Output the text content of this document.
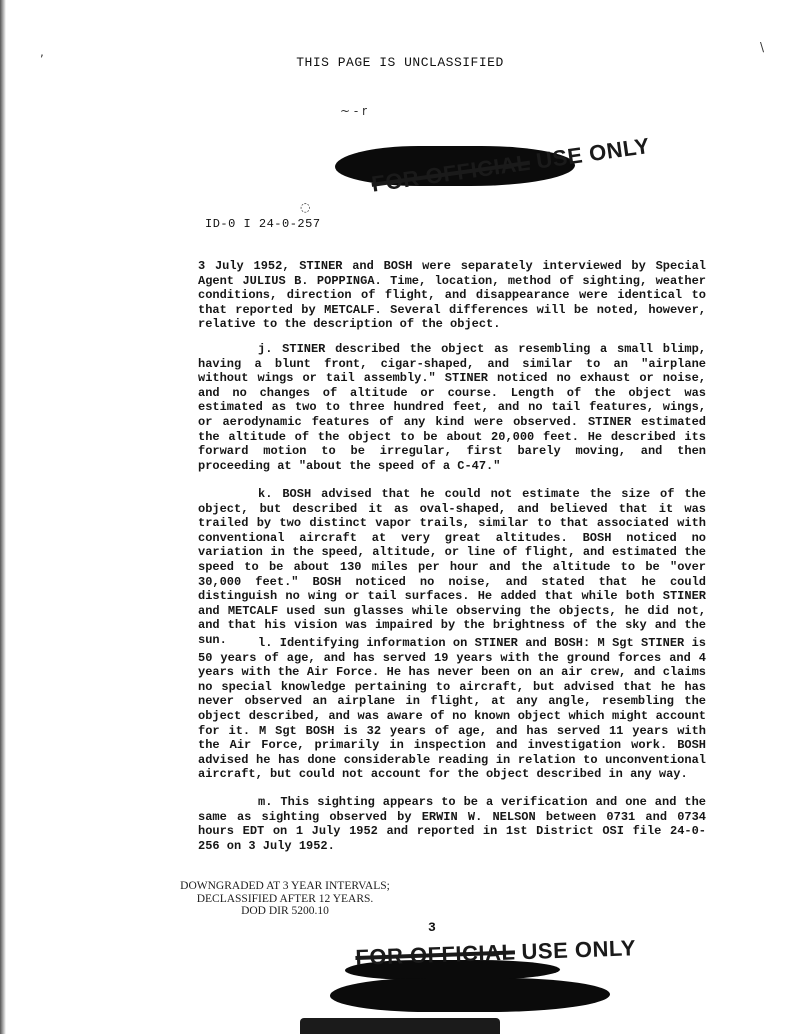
THIS PAGE IS UNCLASSIFIED
,	\
~ - r
◌
FOR OFFICIAL USE ONLY
ID-0 I 24-0-257
3 July 1952, STINER and BOSH were separately interviewed by Special Agent JULIUS B. POPPINGA. Time, location, method of sighting, weather conditions, direction of flight, and disappearance were identical to that reported by METCALF. Several differences will be noted, however, relative to the description of the object.
j. STINER described the object as resembling a small blimp, having a blunt front, cigar-shaped, and similar to an "airplane without wings or tail assembly." STINER noticed no exhaust or noise, and no changes of altitude or course. Length of the object was estimated as two to three hundred feet, and no tail features, wings, or aerodynamic features of any kind were observed. STINER estimated the altitude of the object to be about 20,000 feet. He described its forward motion to be irregular, first barely moving, and then proceeding at "about the speed of a C-47."
k. BOSH advised that he could not estimate the size of the object, but described it as oval-shaped, and believed that it was trailed by two distinct vapor trails, similar to that associated with conventional aircraft at very great altitudes. BOSH noticed no variation in the speed, altitude, or line of flight, and estimated the speed to be about 130 miles per hour and the altitude to be "over 30,000 feet." BOSH noticed no noise, and stated that he could distinguish no wing or tail surfaces. He added that while both STINER and METCALF used sun glasses while observing the objects, he did not, and that his vision was impaired by the brightness of the sky and the sun.	l. Identifying information on STINER and BOSH: M Sgt STINER is 50 years of age, and has served 19 years with the ground forces and 4 years with the Air Force. He has never been on an air crew, and claims no special knowledge pertaining to aircraft, but advised that he has never observed an airplane in flight, at any angle, resembling the object described, and was aware of no known object which might account for it. M Sgt BOSH is 32 years of age, and has served 11 years with the Air Force, primarily in inspection and investigation work. BOSH advised he has done considerable reading in relation to unconventional aircraft, but could not account for the object described in any way.
m. This sighting appears to be a verification and one and the same as sighting observed by ERWIN W. NELSON between 0731 and 0734 hours EDT on 1 July 1952 and reported in 1st District OSI file 24-0-256 on 3 July 1952.
DOWNGRADED AT 3 YEAR INTERVALS;
DECLASSIFIED AFTER 12 YEARS.
DOD DIR 5200.10
3
FOR OFFICIAL USE ONLY
